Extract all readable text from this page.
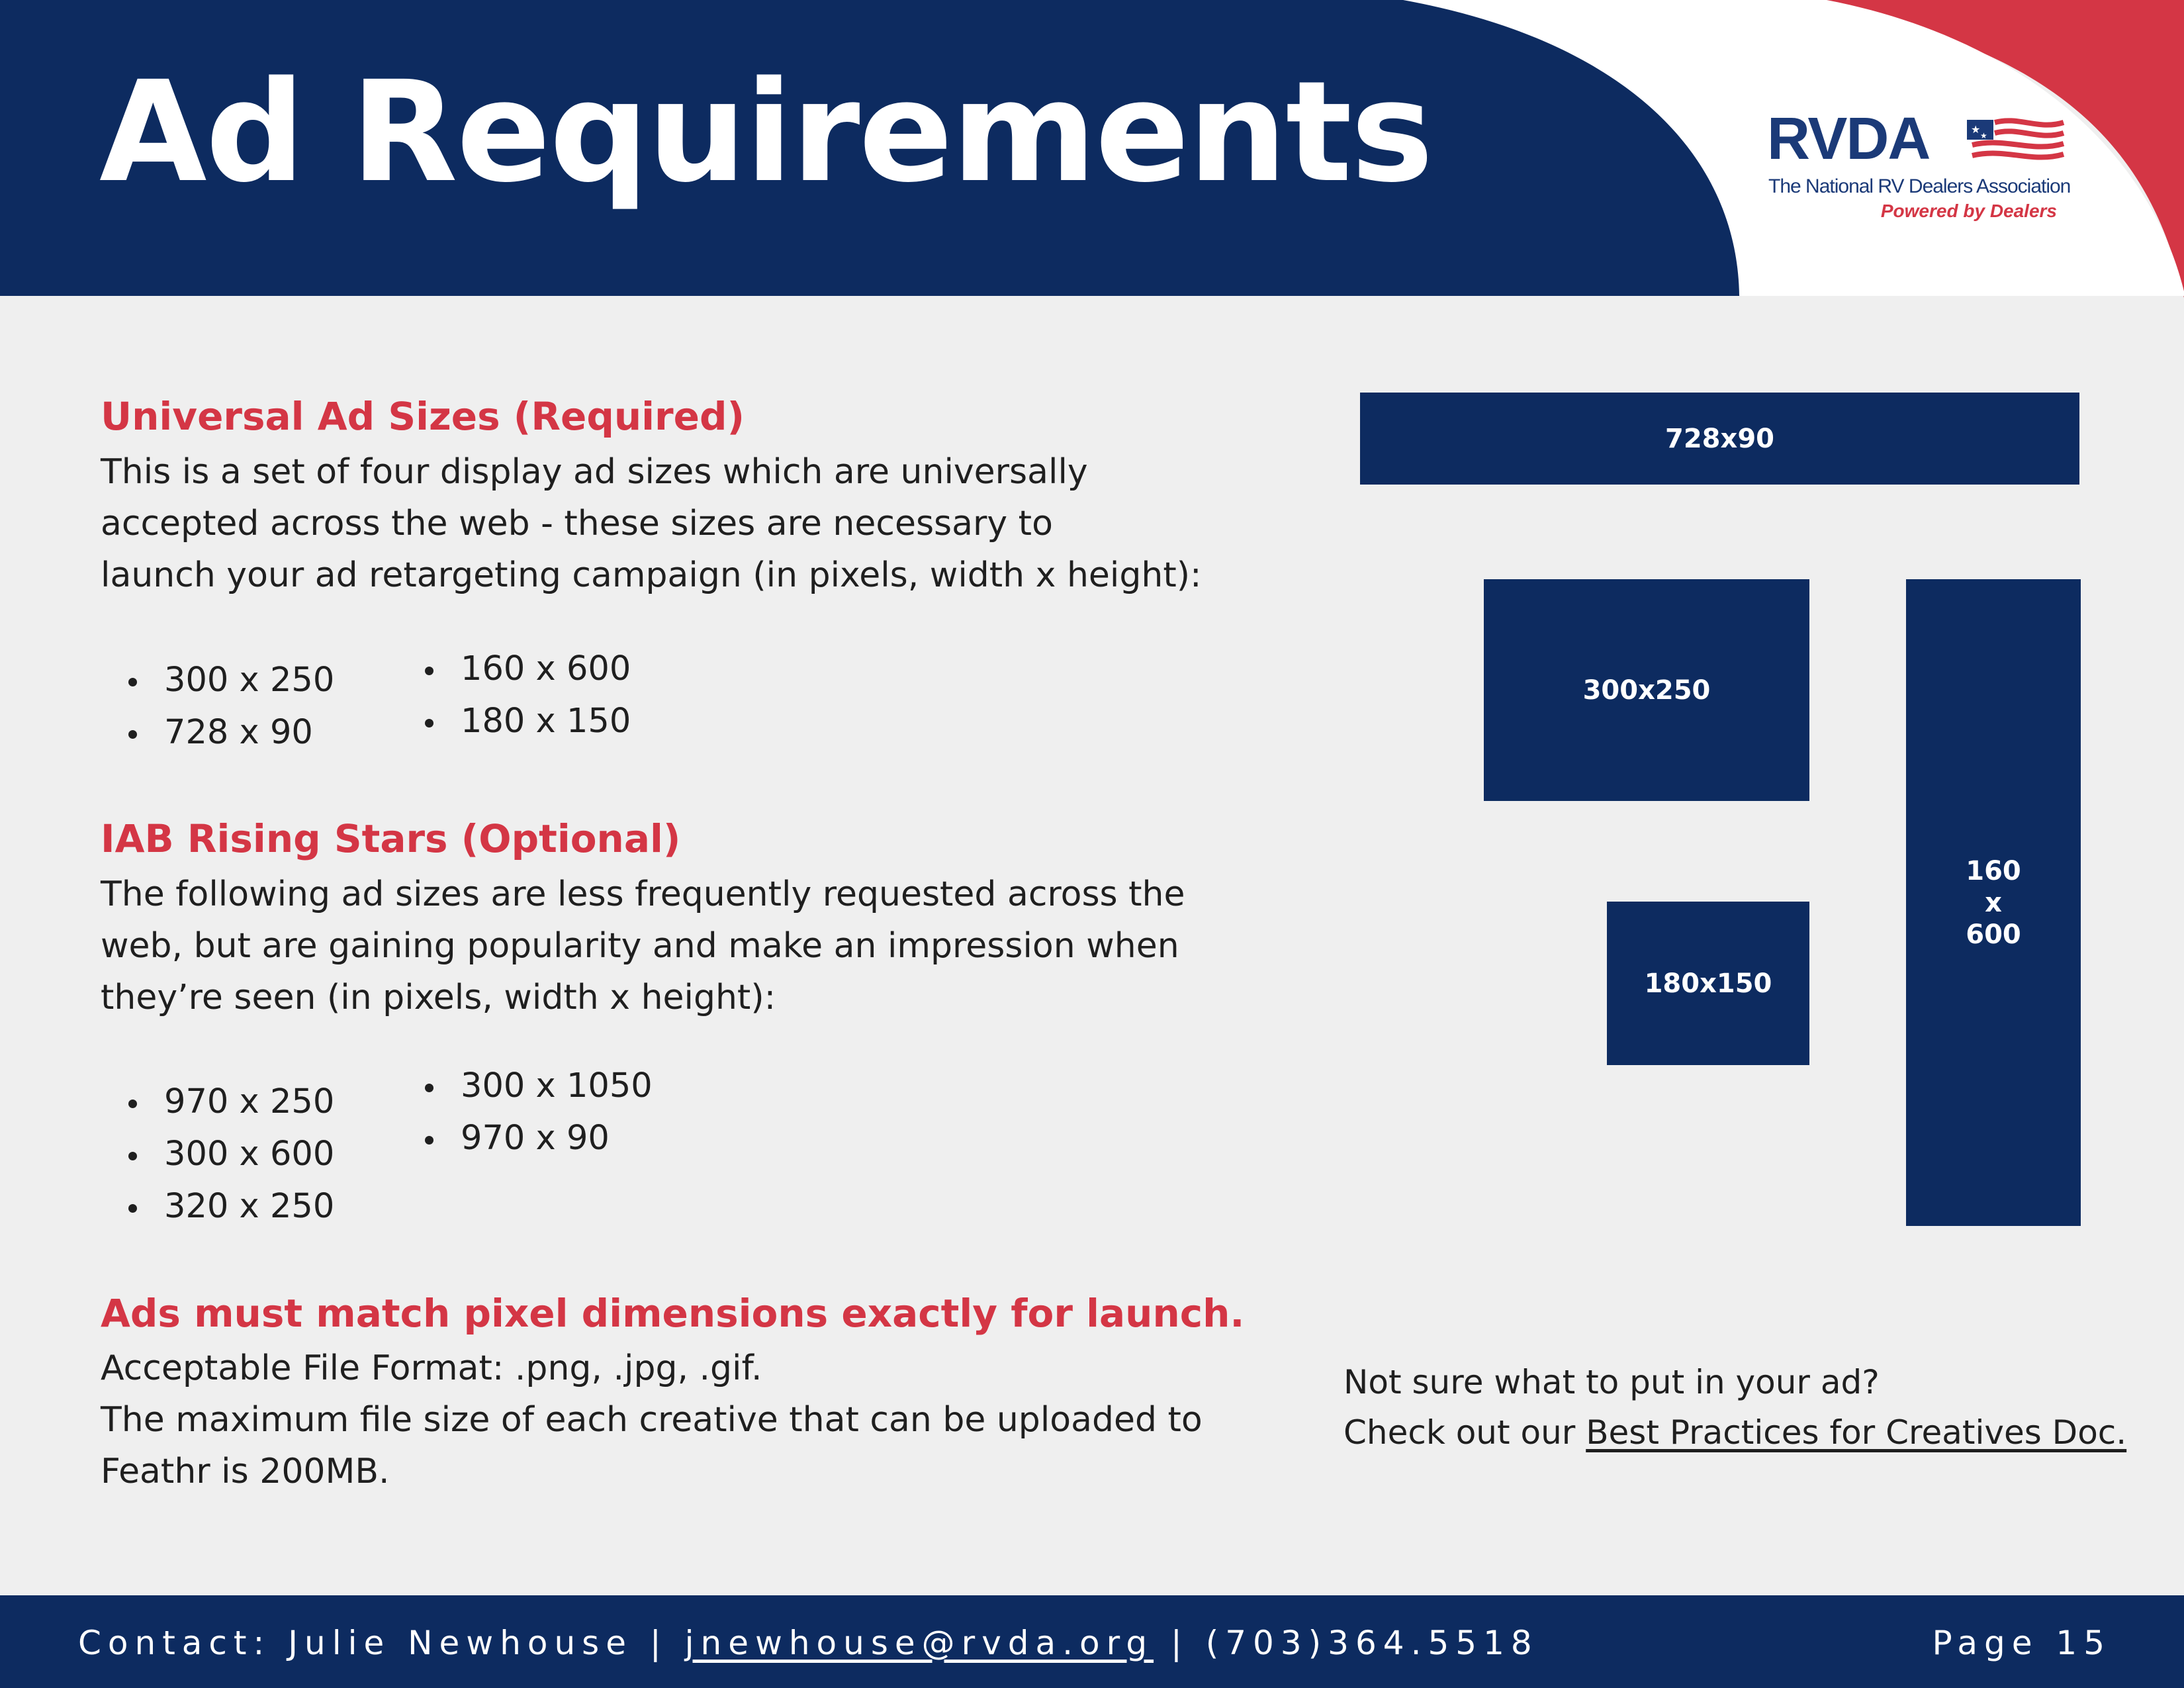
Ad Requirements	RVDA	★ ★
The National RV Dealers Association
Powered by Dealers
Universal Ad Sizes (Required)

This is a set of four display ad sizes which are universally
accepted across the web - these sizes are necessary to
launch your ad retargeting campaign (in pixels, width x height):

300 x 250
728 x 90
160 x 600
180 x 150
IAB Rising Stars (Optional)

The following ad sizes are less frequently requested across the
web, but are gaining popularity and make an impression when
they’re seen (in pixels, width x height):

970 x 250
300 x 600
320 x 250
300 x 1050
970 x 90
Ads must match pixel dimensions exactly for launch.

Acceptable File Format: .png, .jpg, .gif.
The maximum file size of each creative that can be uploaded to
Feathr is 200MB.

728x90
300x250
160
x
600
180x150
Not sure what to put in your ad?
Check out our Best Practices for Creatives Doc.
Contact: Julie Newhouse | jnewhouse@rvda.org | (703)364.5518	Page 15
